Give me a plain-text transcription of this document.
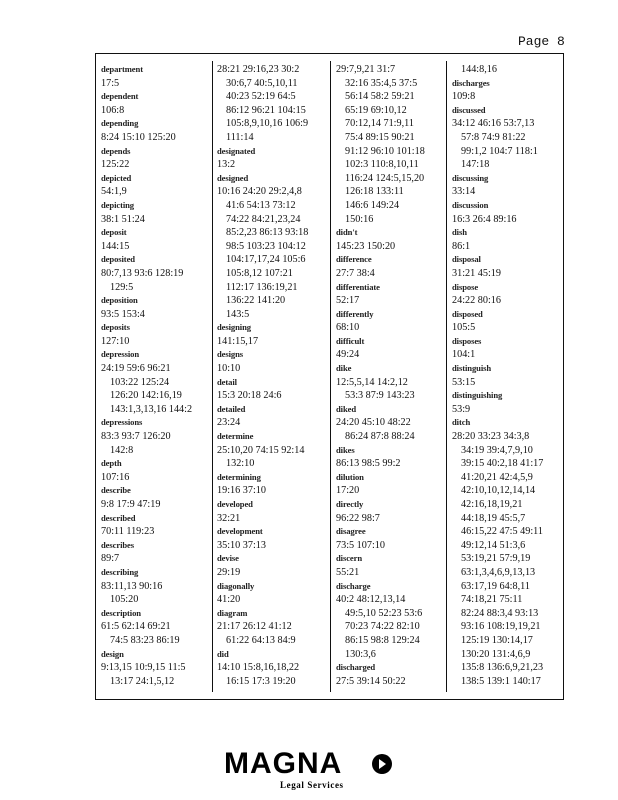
Page 8
department
17:5
dependent
106:8
depending
8:24 15:10 125:20
depends
125:22
depicted
54:1,9
depicting
38:1 51:24
deposit
144:15
deposited
80:7,13 93:6 128:19
129:5
deposition
93:5 153:4
deposits
127:10
depression
24:19 59:6 96:21
103:22 125:24
126:20 142:16,19
143:1,3,13,16 144:2
depressions
83:3 93:7 126:20
142:8
depth
107:16
describe
9:8 17:9 47:19
described
70:11 119:23
describes
89:7
describing
83:11,13 90:16
105:20
description
61:5 62:14 69:21
74:5 83:23 86:19
design
9:13,15 10:9,15 11:5
13:17 24:1,5,12
28:21 29:16,23 30:2
30:6,7 40:5,10,11
40:23 52:19 64:5
86:12 96:21 104:15
105:8,9,10,16 106:9
111:14
designated
13:2
designed
10:16 24:20 29:2,4,8
41:6 54:13 73:12
74:22 84:21,23,24
85:2,23 86:13 93:18
98:5 103:23 104:12
104:17,17,24 105:6
105:8,12 107:21
112:17 136:19,21
136:22 141:20
143:5
designing
141:15,17
designs
10:10
detail
15:3 20:18 24:6
detailed
23:24
determine
25:10,20 74:15 92:14
132:10
determining
19:16 37:10
developed
32:21
development
35:10 37:13
devise
29:19
diagonally
41:20
diagram
21:17 26:12 41:12
61:22 64:13 84:9
did
14:10 15:8,16,18,22
16:15 17:3 19:20
29:7,9,21 31:7
32:16 35:4,5 37:5
56:14 58:2 59:21
65:19 69:10,12
70:12,14 71:9,11
75:4 89:15 90:21
91:12 96:10 101:18
102:3 110:8,10,11
116:24 124:5,15,20
126:18 133:11
146:6 149:24
150:16
didn't
145:23 150:20
difference
27:7 38:4
differentiate
52:17
differently
68:10
difficult
49:24
dike
12:5,5,14 14:2,12
53:3 87:9 143:23
diked
24:20 45:10 48:22
86:24 87:8 88:24
dikes
86:13 98:5 99:2
dilution
17:20
directly
96:22 98:7
disagree
73:5 107:10
discern
55:21
discharge
40:2 48:12,13,14
49:5,10 52:23 53:6
70:23 74:22 82:10
86:15 98:8 129:24
130:3,6
discharged
27:5 39:14 50:22
144:8,16
discharges
109:8
discussed
34:12 46:16 53:7,13
57:8 74:9 81:22
99:1,2 104:7 118:1
147:18
discussing
33:14
discussion
16:3 26:4 89:16
dish
86:1
disposal
31:21 45:19
dispose
24:22 80:16
disposed
105:5
disposes
104:1
distinguish
53:15
distinguishing
53:9
ditch
28:20 33:23 34:3,8
34:19 39:4,7,9,10
39:15 40:2,18 41:17
41:20,21 42:4,5,9
42:10,10,12,14,14
42:16,18,19,21
44:18,19 45:5,7
46:15,22 47:5 49:11
49:12,14 51:3,6
53:19,21 57:9,19
63:1,3,4,6,9,13,13
63:17,19 64:8,11
74:18,21 75:11
82:24 88:3,4 93:13
93:16 108:19,19,21
125:19 130:14,17
130:20 131:4,6,9
135:8 136:6,9,21,23
138:5 139:1 140:17
MAGNA
Legal Services
